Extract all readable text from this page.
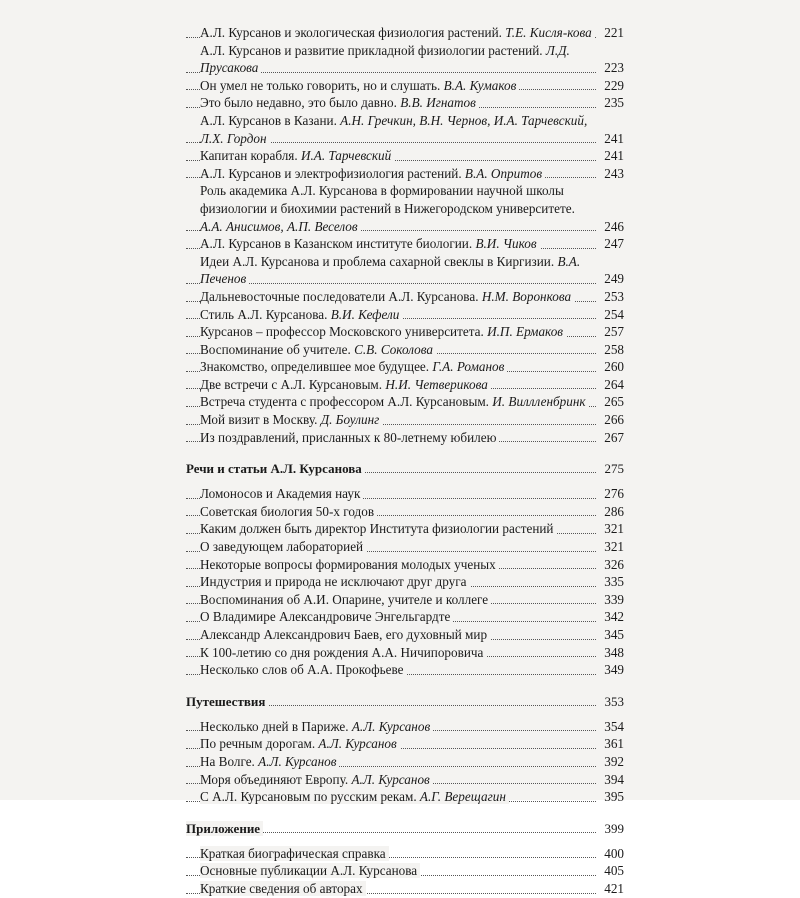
А.Л. Курсанов и экологическая физиология растений. Т.Е. Кисля-кова 221
А.Л. Курсанов и развитие прикладной физиологии растений. Л.Д. Прусакова	223
Он умел не только говорить, но и слушать. В.А. Кумаков	229
Это было недавно, это было давно. В.В. Игнатов	235
А.Л. Курсанов в Казани. А.Н. Гречкин, В.Н. Чернов, И.А. Тарчевский, Л.Х. Гордон	241
Капитан корабля. И.А. Тарчевский	241
А.Л. Курсанов и электрофизиология растений. В.А. Опритов	243
Роль академика А.Л. Курсанова в формировании научной школы физиологии и биохимии растений в Нижегородском университете. А.А. Анисимов, А.П. Веселов	246
А.Л. Курсанов в Казанском институте биологии. В.И. Чиков	247
Идеи А.Л. Курсанова и проблема сахарной свеклы в Киргизии. В.А. Печенов	249
Дальневосточные последователи А.Л. Курсанова. Н.М. Воронкова	253
Стиль А.Л. Курсанова. В.И. Кефели	254
Курсанов – профессор Московского университета. И.П. Ермаков	257
Воспоминание об учителе. С.В. Соколова	258
Знакомство, определившее мое будущее. Г.А. Романов	260
Две встречи с А.Л. Курсановым. Н.И. Четверикова	264
Встреча студента с профессором А.Л. Курсановым. И. Виллленбринк	265
Мой визит в Москву. Д. Боулинг	266
Из поздравлений, присланных к 80-летнему юбилею	267
Речи и статьи А.Л. Курсанова	275
Ломоносов и Академия наук	276
Советская биология 50-х годов	286
Каким должен быть директор Института физиологии растений	321
О заведующем лабораторией	321
Некоторые вопросы формирования молодых ученых	326
Индустрия и природа не исключают друг друга	335
Воспоминания об А.И. Опарине, учителе и коллеге	339
О Владимире Александровиче Энгельгардте	342
Александр Александрович Баев, его духовный мир	345
К 100-летию со дня рождения А.А. Ничипоровича	348
Несколько слов об А.А. Прокофьеве	349
Путешествия	353
Несколько дней в Париже. А.Л. Курсанов	354
По речным дорогам. А.Л. Курсанов	361
На Волге. А.Л. Курсанов	392
Моря объединяют Европу. А.Л. Курсанов	394
С А.Л. Курсановым по русским рекам. А.Г. Верещагин	395
Приложение	399
Краткая биографическая справка	400
Основные публикации А.Л. Курсанова	405
Краткие сведения об авторах	421
